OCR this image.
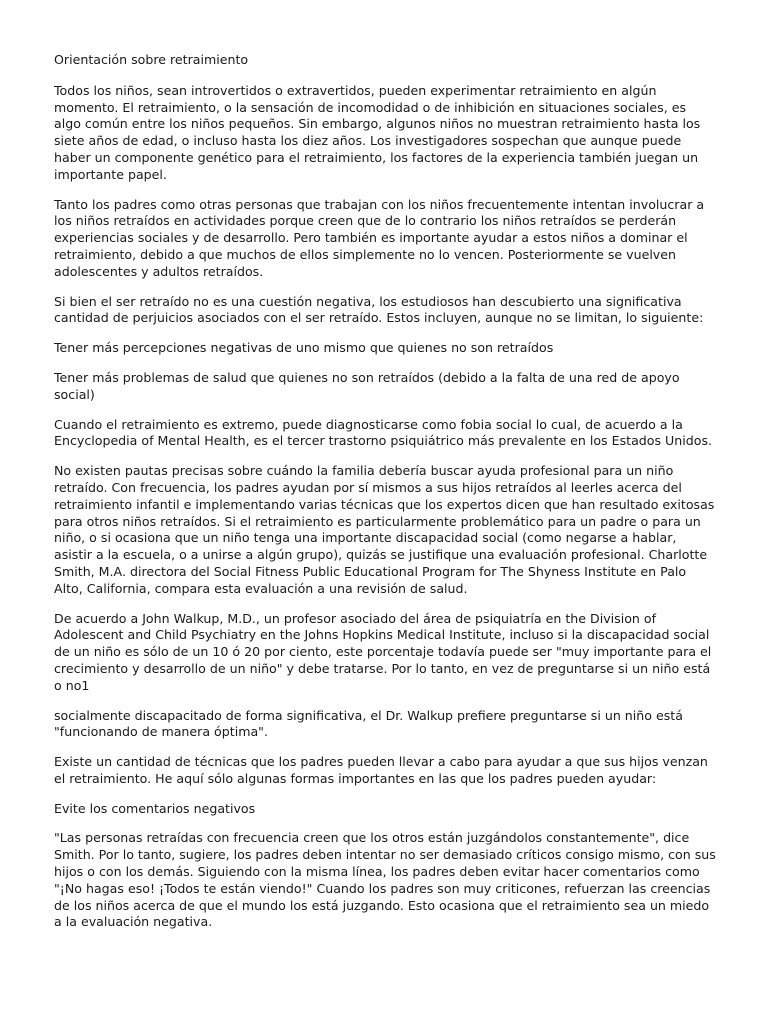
Orientación sobre retraimiento
Todos los niños, sean introvertidos o extravertidos, pueden experimentar retraimiento en algún momento. El retraimiento, o la sensación de incomodidad o de inhibición en situaciones sociales, es algo común entre los niños pequeños. Sin embargo, algunos niños no muestran retraimiento hasta los siete años de edad, o incluso hasta los diez años. Los investigadores sospechan que aunque puede haber un componente genético para el retraimiento, los factores de la experiencia también juegan un importante papel.
Tanto los padres como otras personas que trabajan con los niños frecuentemente intentan involucrar a los niños retraídos en actividades porque creen que de lo contrario los niños retraídos se perderán experiencias sociales y de desarrollo. Pero también es importante ayudar a estos niños a dominar el retraimiento, debido a que muchos de ellos simplemente no lo vencen. Posteriormente se vuelven adolescentes y adultos retraídos.
Si bien el ser retraído no es una cuestión negativa, los estudiosos han descubierto una significativa cantidad de perjuicios asociados con el ser retraído. Estos incluyen, aunque no se limitan, lo siguiente:
Tener más percepciones negativas de uno mismo que quienes no son retraídos
Tener más problemas de salud que quienes no son retraídos (debido a la falta de una red de apoyo social)
Cuando el retraimiento es extremo, puede diagnosticarse como fobia social lo cual, de acuerdo a la Encyclopedia of Mental Health, es el tercer trastorno psiquiátrico más prevalente en los Estados Unidos.
No existen pautas precisas sobre cuándo la familia debería buscar ayuda profesional para un niño retraído. Con frecuencia, los padres ayudan por sí mismos a sus hijos retraídos al leerles acerca del retraimiento infantil e implementando varias técnicas que los expertos dicen que han resultado exitosas para otros niños retraídos. Si el retraimiento es particularmente problemático para un padre o para un niño, o si ocasiona que un niño tenga una importante discapacidad social (como negarse a hablar, asistir a la escuela, o a unirse a algún grupo), quizás se justifique una evaluación profesional. Charlotte Smith, M.A. directora del Social Fitness Public Educational Program for The Shyness Institute en Palo Alto, California, compara esta evaluación a una revisión de salud.
De acuerdo a John Walkup, M.D., un profesor asociado del área de psiquiatría en the Division of Adolescent and Child Psychiatry en the Johns Hopkins Medical Institute, incluso si la discapacidad social de un niño es sólo de un 10 ó 20 por ciento, este porcentaje todavía puede ser "muy importante para el crecimiento y desarrollo de un niño" y debe tratarse. Por lo tanto, en vez de preguntarse si un niño está o no1
socialmente discapacitado de forma significativa, el Dr. Walkup prefiere preguntarse si un niño está "funcionando de manera óptima".
Existe un cantidad de técnicas que los padres pueden llevar a cabo para ayudar a que sus hijos venzan el retraimiento. He aquí sólo algunas formas importantes en las que los padres pueden ayudar:
Evite los comentarios negativos
"Las personas retraídas con frecuencia creen que los otros están juzgándolos constantemente", dice Smith. Por lo tanto, sugiere, los padres deben intentar no ser demasiado críticos consigo mismo, con sus hijos o con los demás. Siguiendo con la misma línea, los padres deben evitar hacer comentarios como "¡No hagas eso! ¡Todos te están viendo!" Cuando los padres son muy criticones, refuerzan las creencias de los niños acerca de que el mundo los está juzgando. Esto ocasiona que el retraimiento sea un miedo a la evaluación negativa.
